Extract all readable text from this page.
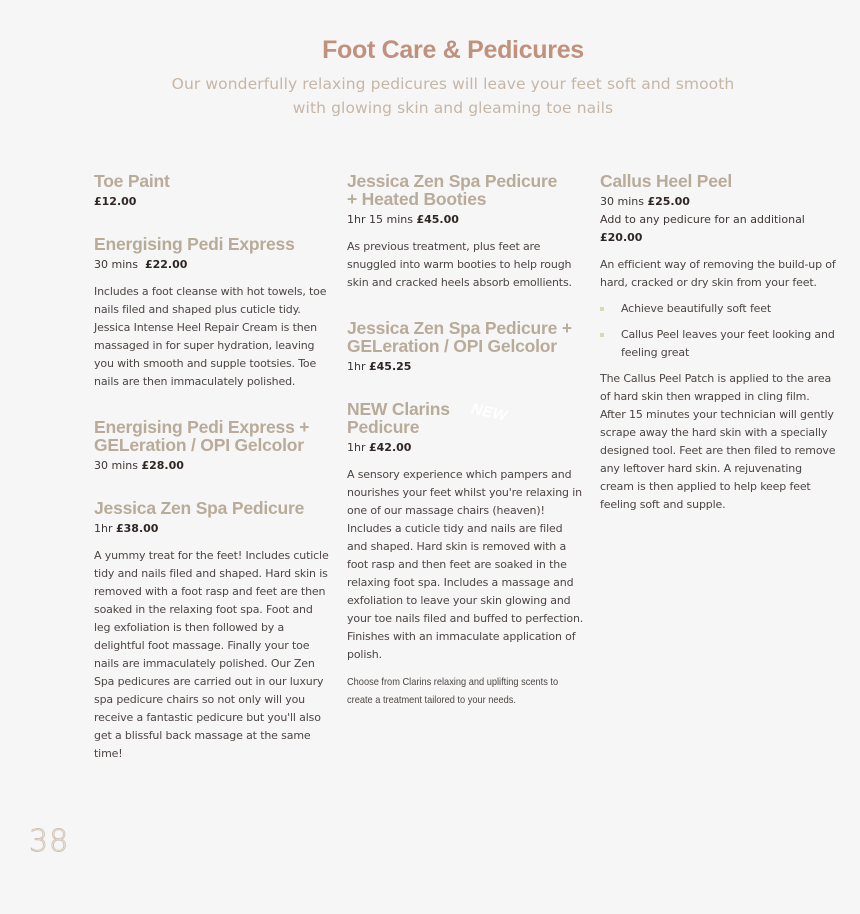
Foot Care & Pedicures

Our wonderfully relaxing pedicures will leave your feet soft and smooth
with glowing skin and gleaming toe nails

Toe Paint
£12.00
Energising Pedi Express
30 mins £22.00

Includes a foot cleanse with hot towels, toe nails filed and shaped plus cuticle tidy. Jessica Intense Heel Repair Cream is then massaged in for super hydration, leaving you with smooth and supple tootsies. Toe nails are then immaculately polished.

Energising Pedi Express +
GELeration / OPI Gelcolor
30 mins £28.00
Jessica Zen Spa Pedicure
1hr £38.00

A yummy treat for the feet! Includes cuticle tidy and nails filed and shaped. Hard skin is removed with a foot rasp and feet are then soaked in the relaxing foot spa. Foot and leg exfoliation is then followed by a delightful foot massage. Finally your toe nails are immaculately polished. Our Zen Spa pedicures are carried out in our luxury spa pedicure chairs so not only will you receive a fantastic pedicure but you'll also get a blissful back massage at the same time!

Jessica Zen Spa Pedicure
+ Heated Booties
1hr 15 mins £45.00

As previous treatment, plus feet are snuggled into warm booties to help rough skin and cracked heels absorb emollients.

Jessica Zen Spa Pedicure +
GELeration / OPI Gelcolor
1hr £45.25
NEW Clarins
Pedicure
NEW
1hr £42.00

A sensory experience which pampers and nourishes your feet whilst you're relaxing in one of our massage chairs (heaven)! Includes a cuticle tidy and nails are filed and shaped. Hard skin is removed with a foot rasp and then feet are soaked in the relaxing foot spa. Includes a massage and exfoliation to leave your skin glowing and your toe nails filed and buffed to perfection. Finishes with an immaculate application of polish.

Choose from Clarins relaxing and uplifting scents to create a treatment tailored to your needs.

Callus Heel Peel
30 mins £25.00
Add to any pedicure for an additional £20.00

An efficient way of removing the build-up of hard, cracked or dry skin from your feet.

Achieve beautifully soft feet
Callus Peel leaves your feet looking and feeling great

The Callus Peel Patch is applied to the area of hard skin then wrapped in cling film. After 15 minutes your technician will gently scrape away the hard skin with a specially designed tool. Feet are then filed to remove any leftover hard skin. A rejuvenating cream is then applied to help keep feet feeling soft and supple.

38
